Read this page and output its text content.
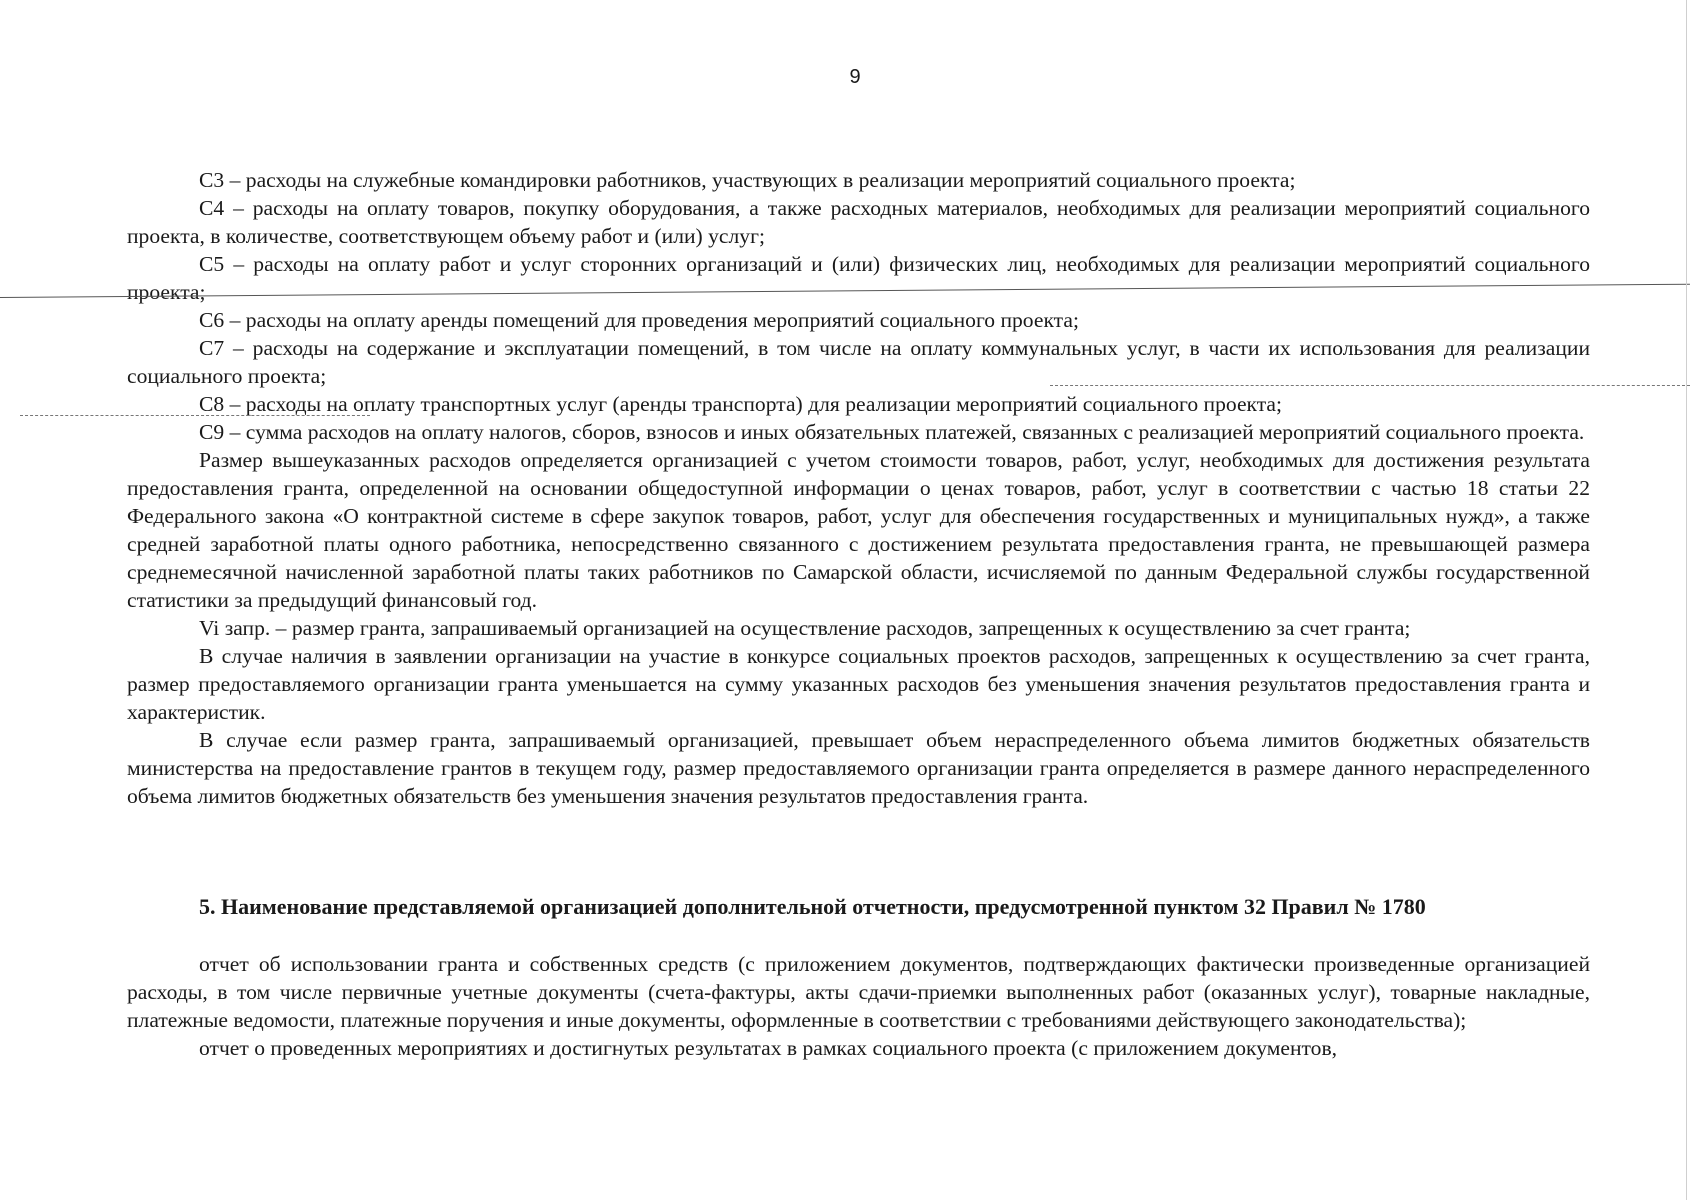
9

С3 – расходы на служебные командировки работников, участвующих в реализации мероприятий социального проекта;

С4 – расходы на оплату товаров, покупку оборудования, а также расходных материалов, необходимых для реализации мероприятий социального проекта, в количестве, соответствующем объему работ и (или) услуг;

С5 – расходы на оплату работ и услуг сторонних организаций и (или) физических лиц, необходимых для реализации мероприятий социального проекта;

С6 – расходы на оплату аренды помещений для проведения мероприятий социального проекта;

С7 – расходы на содержание и эксплуатации помещений, в том числе на оплату коммунальных услуг, в части их использования для реализации социального проекта;

С8 – расходы на оплату транспортных услуг (аренды транспорта) для реализации мероприятий социального проекта;

С9 – сумма расходов на оплату налогов, сборов, взносов и иных обязательных платежей, связанных с реализацией мероприятий социального проекта.

Размер вышеуказанных расходов определяется организацией с учетом стоимости товаров, работ, услуг, необходимых для достижения результата предоставления гранта, определенной на основании общедоступной информации о ценах товаров, работ, услуг в соответствии с частью 18 статьи 22 Федерального закона «О контрактной системе в сфере закупок товаров, работ, услуг для обеспечения государственных и муниципальных нужд», а также средней заработной платы одного работника, непосредственно связанного с достижением результата предоставления гранта, не превышающей размера среднемесячной начисленной заработной платы таких работников по Самарской области, исчисляемой по данным Федеральной службы государственной статистики за предыдущий финансовый год.

Vi запр. – размер гранта, запрашиваемый организацией на осуществление расходов, запрещенных к осуществлению за счет гранта;

В случае наличия в заявлении организации на участие в конкурсе социальных проектов расходов, запрещенных к осуществлению за счет гранта, размер предоставляемого организации гранта уменьшается на сумму указанных расходов без уменьшения значения результатов предоставления гранта и характеристик.

В случае если размер гранта, запрашиваемый организацией, превышает объем нераспределенного объема лимитов бюджетных обязательств министерства на предоставление грантов в текущем году, размер предоставляемого организации гранта определяется в размере данного нераспределенного объема лимитов бюджетных обязательств без уменьшения значения результатов предоставления гранта.

5. Наименование представляемой организацией дополнительной отчетности, предусмотренной пунктом 32 Правил № 1780

отчет об использовании гранта и собственных средств (с приложением документов, подтверждающих фактически произведенные организацией расходы, в том числе первичные учетные документы (счета-фактуры, акты сдачи-приемки выполненных работ (оказанных услуг), товарные накладные, платежные ведомости, платежные поручения и иные документы, оформленные в соответствии с требованиями действующего законодательства);

отчет о проведенных мероприятиях и достигнутых результатах в рамках социального проекта (с приложением документов,
